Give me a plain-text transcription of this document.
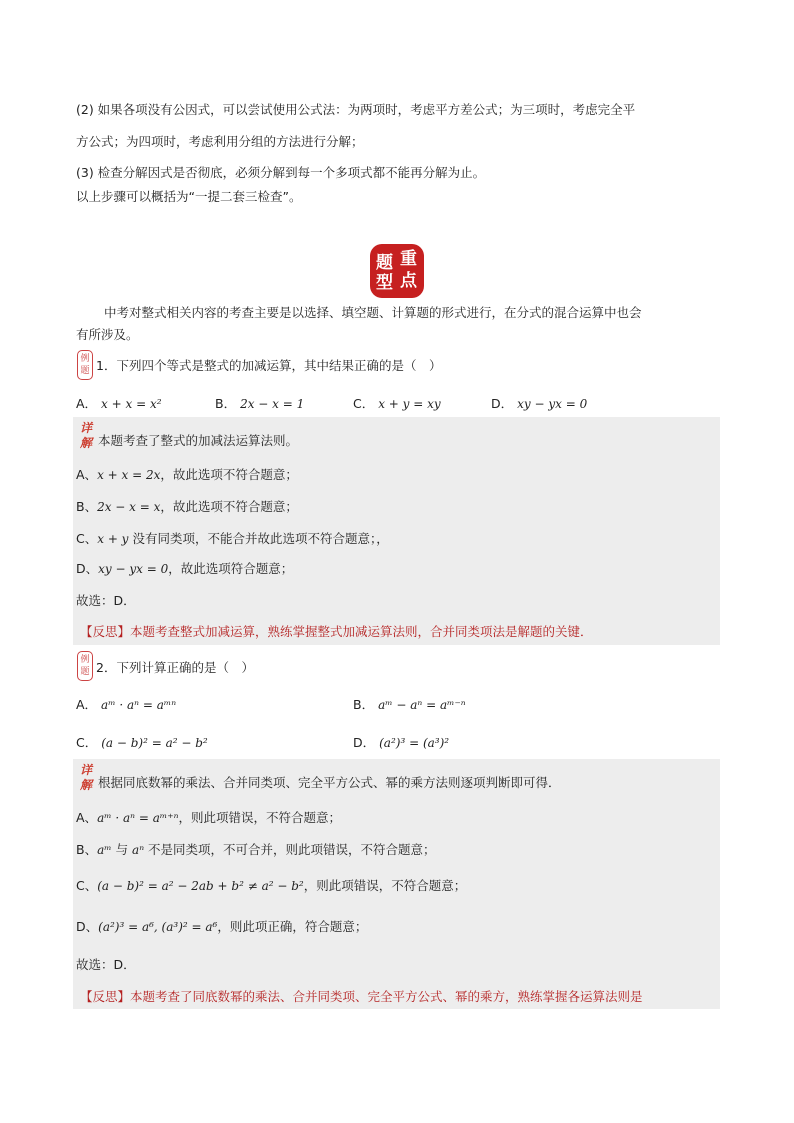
(2) 如果各项没有公因式，可以尝试使用公式法：为两项时，考虑平方差公式；为三项时，考虑完全平
方公式；为四项时，考虑利用分组的方法进行分解；
(3) 检查分解因式是否彻底，必须分解到每一个多项式都不能再分解为止。
以上步骤可以概括为“一提二套三检查”。
重
点
题
型
中考对整式相关内容的考查主要是以选择、填空题、计算题的形式进行，在分式的混合运算中也会
有所涉及。
例
题 1．下列四个等式是整式的加减运算，其中结果正确的是（　）
A． x + x = x²	B． 2x − x = 1	C． x + y = xy	D． xy − yx = 0
详
解 本题考查了整式的加减法运算法则。
A、x + x = 2x，故此选项不符合题意；
B、2x − x = x，故此选项不符合题意；
C、x + y 没有同类项，不能合并故此选项不符合题意；，
D、xy − yx = 0，故此选项符合题意；
故选：D．
【反思】本题考查整式加减运算，熟练掌握整式加减运算法则，合并同类项法是解题的关键．
例
题 2．下列计算正确的是（　）
A． aᵐ · aⁿ = aᵐⁿ	B． aᵐ − aⁿ = aᵐ⁻ⁿ
C． (a − b)² = a² − b²	D． (a²)³ = (a³)²
详
解 根据同底数幂的乘法、合并同类项、完全平方公式、幂的乘方法则逐项判断即可得．
A、aᵐ · aⁿ = aᵐ⁺ⁿ，则此项错误，不符合题意；
B、aᵐ 与 aⁿ 不是同类项，不可合并，则此项错误，不符合题意；
C、(a − b)² = a² − 2ab + b² ≠ a² − b²，则此项错误，不符合题意；
D、(a²)³ = a⁶, (a³)² = a⁶，则此项正确，符合题意；
故选：D．
【反思】本题考查了同底数幂的乘法、合并同类项、完全平方公式、幂的乘方，熟练掌握各运算法则是
